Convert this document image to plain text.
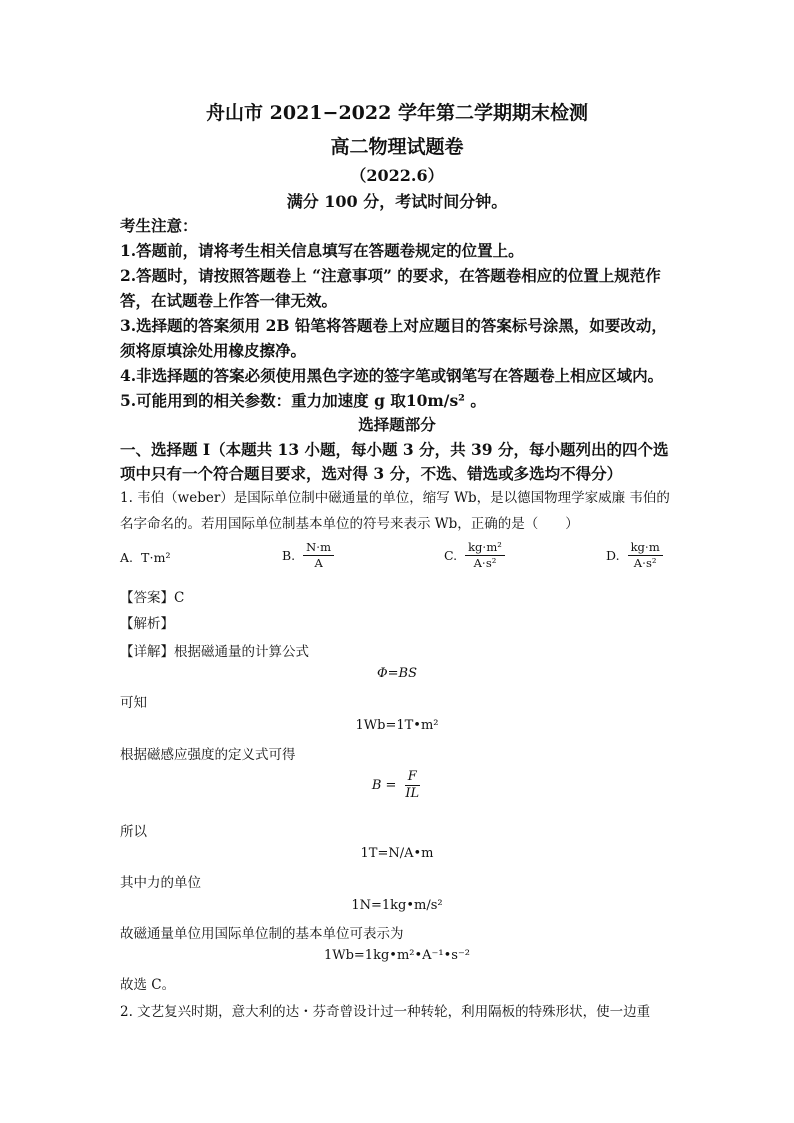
舟山市 2021−2022 学年第二学期期末检测
高二物理试题卷
（2022.6）
满分 100 分，考试时间分钟。
考生注意：
1.答题前，请将考生相关信息填写在答题卷规定的位置上。
2.答题时，请按照答题卷上 “注意事项” 的要求，在答题卷相应的位置上规范作
答，在试题卷上作答一律无效。
3.选择题的答案须用 2B 铅笔将答题卷上对应题目的答案标号涂黑，如要改动，
须将原填涂处用橡皮擦净。
4.非选择题的答案必须使用黑色字迹的签字笔或钢笔写在答题卷上相应区域内。
5.可能用到的相关参数：重力加速度 g 取10m/s² 。
选择题部分
一、选择题 I（本题共 13 小题，每小题 3 分，共 39 分，每小题列出的四个选
项中只有一个符合题目要求，选对得 3 分，不选、错选或多选均不得分）
1. 韦伯（weber）是国际单位制中磁通量的单位，缩写 Wb，是以德国物理学家威廉 韦伯的
名字命名的。若用国际单位制基本单位的符号来表示 Wb，正确的是（　　）
A. T⋅m²	B. $\frac{N\cdot m}{A}$	C. $\frac{\text{kg⋅m²}}{\text{A⋅s²}}$	D. $\frac{kg\cdot m}{\text{A⋅s²}}$
【答案】C
【解析】
【详解】根据磁通量的计算公式
Φ=BS
可知
1Wb=1T•m²
根据磁感应强度的定义式可得
$B = \frac{F}{IL}$
所以
1T=N/A•m
其中力的单位
1N=1kg•m/s²
故磁通量单位用国际单位制的基本单位可表示为
1Wb=1kg•m²•A⁻¹•s⁻²
故选 C。
2. 文艺复兴时期，意大利的达・芬奇曾设计过一种转轮，利用隔板的特殊形状，使一边重
